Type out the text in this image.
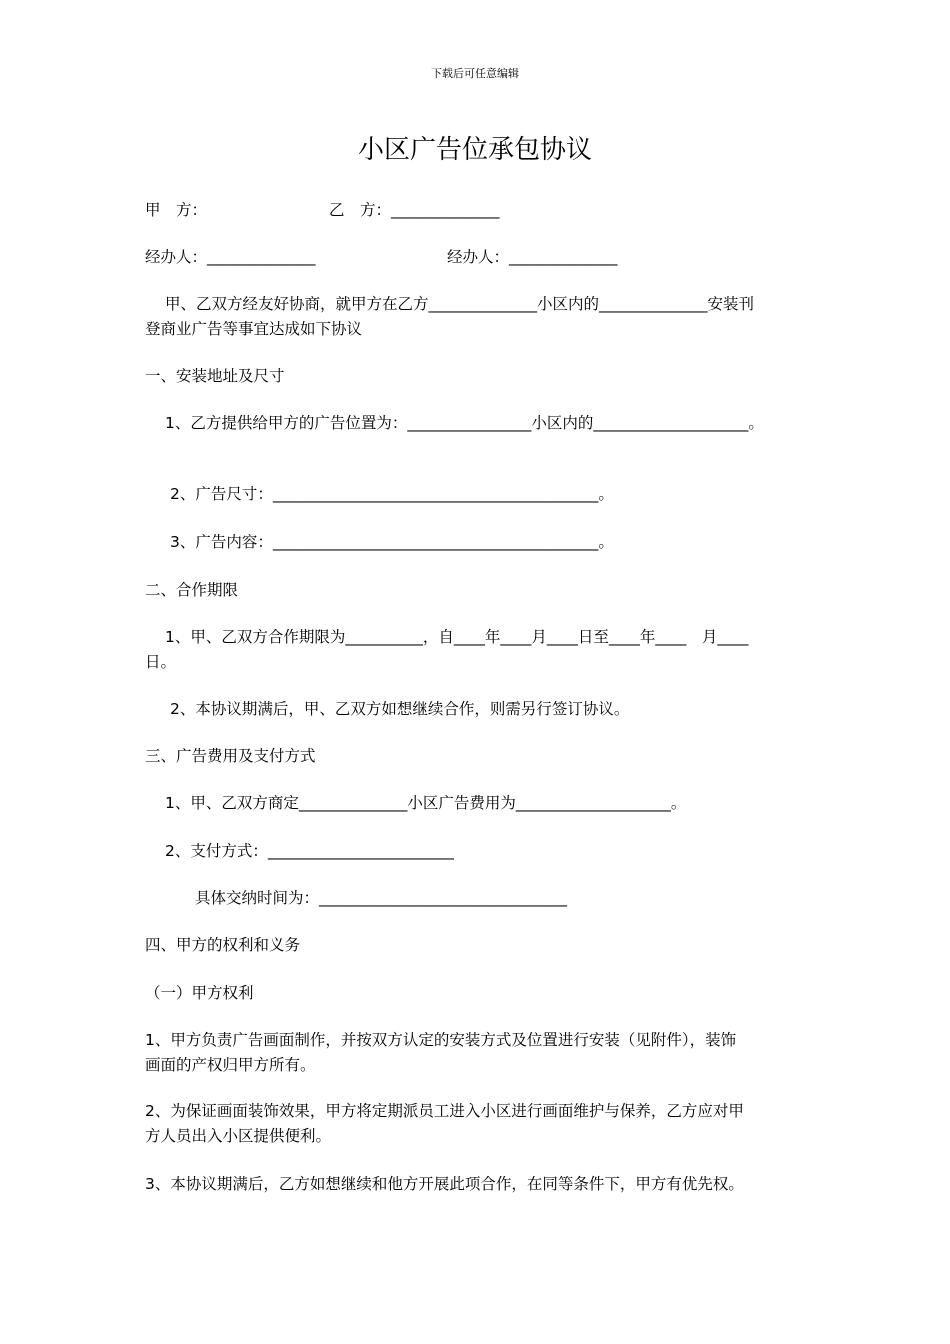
下载后可任意编辑
小区广告位承包协议
甲　方：	乙　方：______________
经办人：______________	经办人：______________
甲、乙双方经友好协商，就甲方在乙方______________小区内的______________安装刊
登商业广告等事宜达成如下协议
一、安装地址及尺寸
1、乙方提供给甲方的广告位置为：________________小区内的____________________。
2、广告尺寸：__________________________________________。
3、广告内容：__________________________________________。
二、合作期限
1、甲、乙双方合作期限为__________，自____年____月____日至____年____　月____
日。
2、本协议期满后，甲、乙双方如想继续合作，则需另行签订协议。
三、广告费用及支付方式
1、甲、乙双方商定______________小区广告费用为____________________。
2、支付方式：________________________
具体交纳时间为：________________________________
四、甲方的权利和义务
（一）甲方权利
1、甲方负责广告画面制作，并按双方认定的安装方式及位置进行安装（见附件），装饰
画面的产权归甲方所有。
2、为保证画面装饰效果，甲方将定期派员工进入小区进行画面维护与保养，乙方应对甲
方人员出入小区提供便利。
3、本协议期满后，乙方如想继续和他方开展此项合作，在同等条件下，甲方有优先权。
